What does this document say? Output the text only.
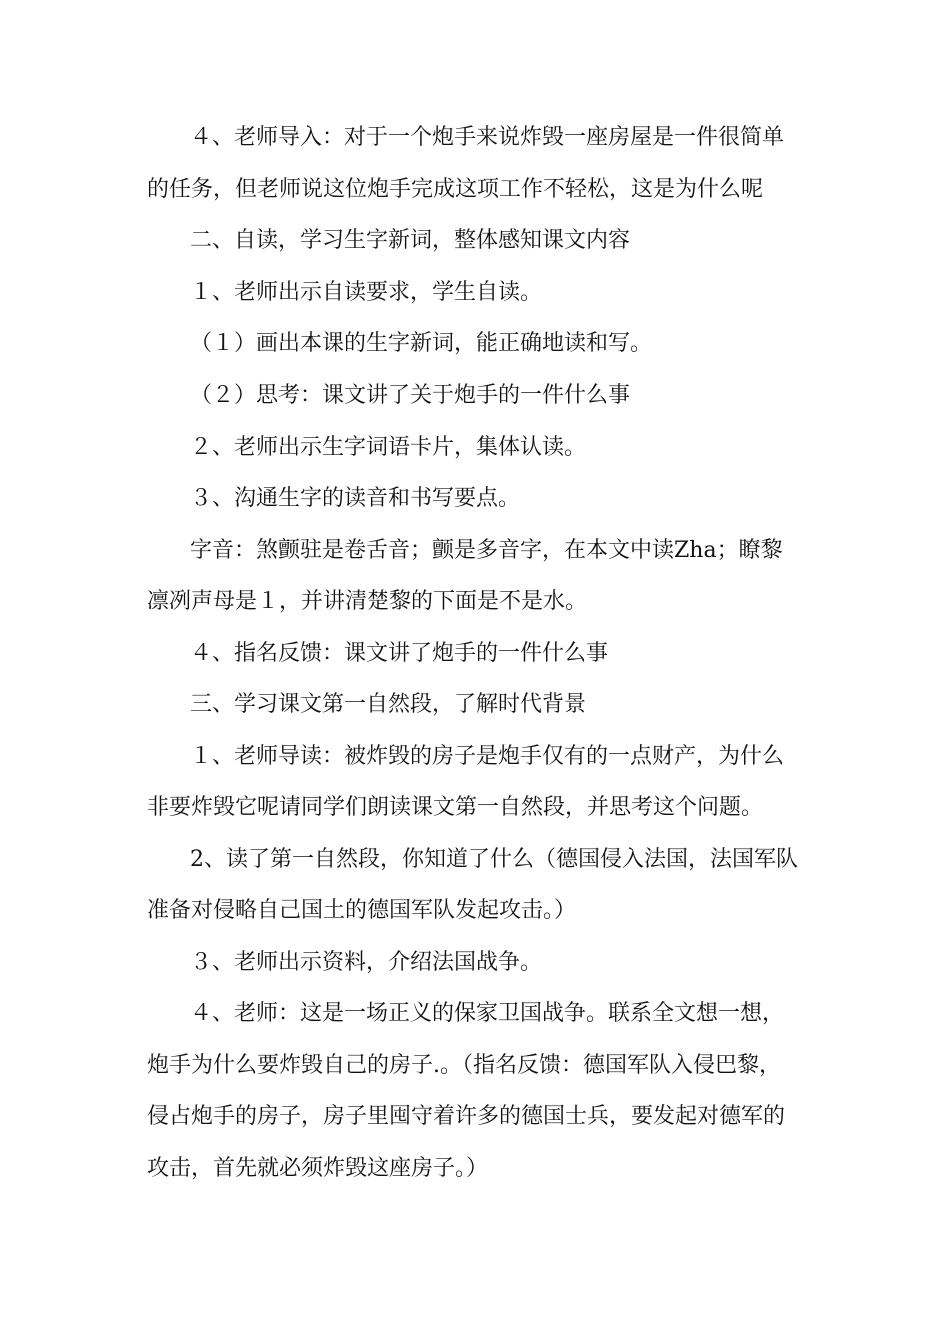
４、老师导入：对于一个炮手来说炸毁一座房屋是一件很简单
的任务，但老师说这位炮手完成这项工作不轻松，这是为什么呢
二、自读，学习生字新词，整体感知课文内容
１、老师出示自读要求，学生自读。
（１）画出本课的生字新词，能正确地读和写。
（２）思考：课文讲了关于炮手的一件什么事
２、老师出示生字词语卡片，集体认读。
３、沟通生字的读音和书写要点。
字音：煞颤驻是卷舌音；颤是多音字，在本文中读Zha；瞭黎
凛冽声母是１，并讲清楚黎的下面是不是水。
４、指名反馈：课文讲了炮手的一件什么事
三、学习课文第一自然段，了解时代背景
１、老师导读：被炸毁的房子是炮手仅有的一点财产，为什么
非要炸毁它呢请同学们朗读课文第一自然段，并思考这个问题。
2、读了第一自然段，你知道了什么（德国侵入法国，法国军队
准备对侵略自己国土的德国军队发起攻击。）
３、老师出示资料，介绍法国战争。
４、老师：这是一场正义的保家卫国战争。联系全文想一想，
炮手为什么要炸毁自己的房子.。（指名反馈：德国军队入侵巴黎，
侵占炮手的房子，房子里囤守着许多的德国士兵，要发起对德军的
攻击，首先就必须炸毁这座房子。）
